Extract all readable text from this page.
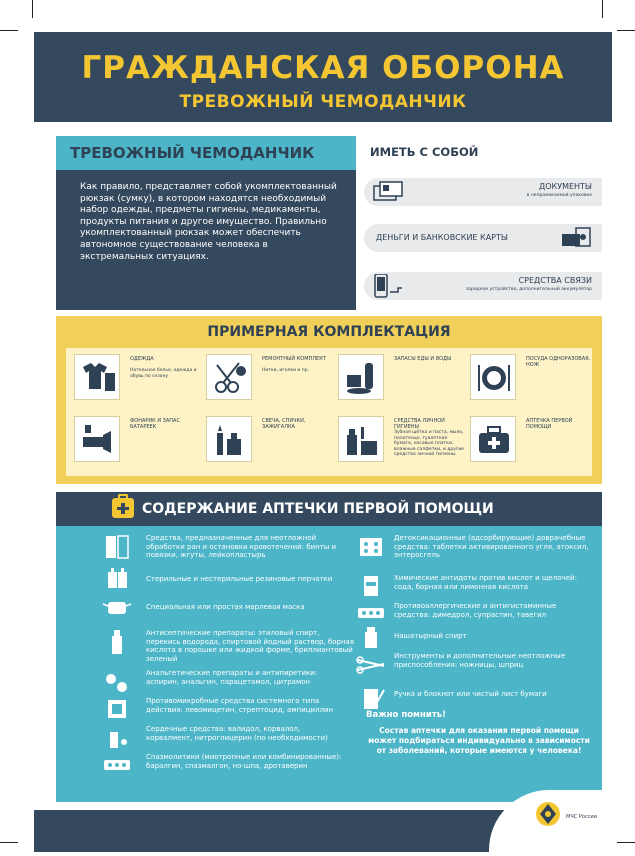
ГРАЖДАНСКАЯ ОБОРОНА
ТРЕВОЖНЫЙ ЧЕМОДАНЧИК
ТРЕВОЖНЫЙ ЧЕМОДАНЧИК

Как правило, представляет собой укомплектованный рюкзак (сумку), в котором находятся необходимый набор одежды, предметы гигиены, медикаменты, продукты питания и другое имущество. Правильно укомплектованный рюкзак может обеспечить автономное существование человека в экстремальных ситуациях.

ИМЕТЬ С СОБОЙ
ДОКУМЕНТЫ
в непромокаемой упаковке
ДЕНЬГИ И БАНКОВСКИЕ КАРТЫ
СРЕДСТВА СВЯЗИ
зарядное устройство, дополнительный аккумулятор
ПРИМЕРНАЯ КОМПЛЕКТАЦИЯ
ОДЕЖДА
Нательное белье, одежда и обувь по сезону
РЕМОНТНЫЙ КОМПЛЕКТ
Нитки, иголки и пр.
ЗАПАСЫ ЕДЫ И ВОДЫ	ПОСУДА ОДНОРАЗОВАЯ, НОЖ
ФОНАРИК И ЗАПАС БАТАРЕЕК
СВЕЧА, СПИЧКИ, ЗАЖИГАЛКА
СРЕДСТВА ЛИЧНОЙ ГИГИЕНЫ
Зубная щётка и паста, мыло, полотенце, туалетная бумага, носовые платки, влажные салфетки, и другие средства личной гигиены
АПТЕЧКА ПЕРВОЙ ПОМОЩИ
СОДЕРЖАНИЕ АПТЕЧКИ ПЕРВОЙ ПОМОЩИ
Средства, предназначенные для неотложной обработки ран и остановки кровотечений: бинты и повязки, жгуты, лейкопластырь
Стерильные и нестерильные резиновые перчатки
Специальная или простая марлевая маска
Антисептические препараты: этиловый спирт, перекись водорода, спиртовой йодный раствор, борная кислота в порошке или жидкой форме, бриллиантовый зеленый
Анальгетические препараты и антипиретики: аспирин, анальгин, парацетамол, цитрамон
Противомикробные средства системного типа действия: левомицетин, стрептоцид, ампициллин
Сердечные средства: валидол, корвалол, корвалмент, нитроглицерин (по необходимости)
Спазмолитики (миотропные или комбинированные): баралгин, спазмалгон, но-шпа, дротаверин
Детоксикационные (адсорбирующие) доврачебные средства: таблетки активированного угля, атоксил, энтеросгель
Химические антидоты против кислот и щелочей: сода, борная или лимонная кислота
Противоаллергические и антигистаминные средства: димедрол, супрастин, тавегил
Нашатырный спирт
Инструменты и дополнительные неотложные приспособления: ножницы, шприц
Ручка и блокнот или чистый лист бумаги
Важно помнить!
Состав аптечки для оказания первой помощи может подбираться индивидуально в зависимости от заболеваний, которые имеются у человека!
МЧС России
